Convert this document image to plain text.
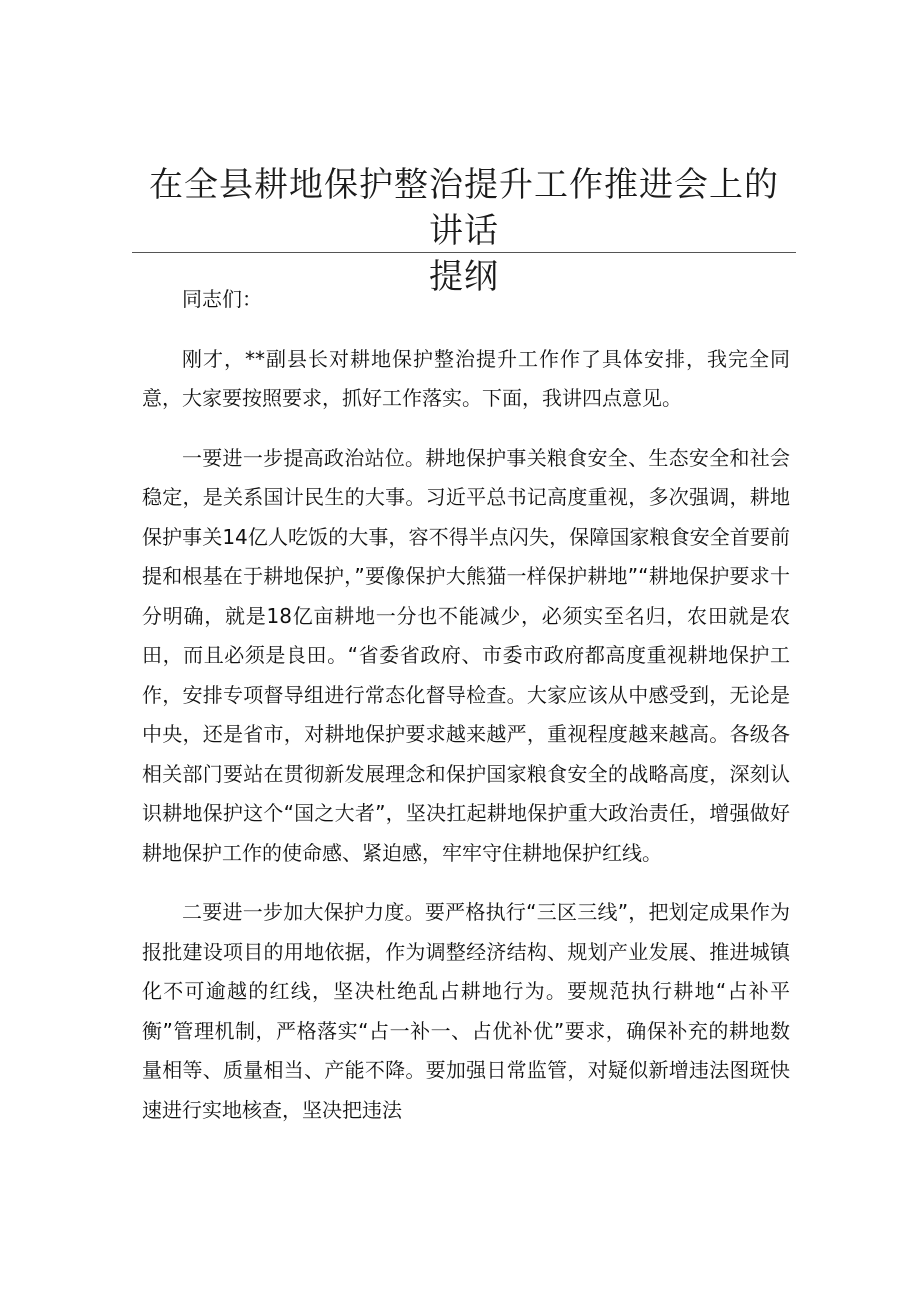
在全县耕地保护整治提升工作推进会上的讲话
提纲

同志们：

刚才，**副县长对耕地保护整治提升工作作了具体安排，我完全同意，大家要按照要求，抓好工作落实。下面，我讲四点意见。

一要进一步提高政治站位。耕地保护事关粮食安全、生态安全和社会稳定，是关系国计民生的大事。习近平总书记高度重视，多次强调，耕地保护事关14亿人吃饭的大事，容不得半点闪失，保障国家粮食安全首要前提和根基在于耕地保护，”要像保护大熊猫一样保护耕地”“耕地保护要求十分明确，就是18亿亩耕地一分也不能减少，必须实至名归，农田就是农田，而且必须是良田。“省委省政府、市委市政府都高度重视耕地保护工作，安排专项督导组进行常态化督导检查。大家应该从中感受到，无论是中央，还是省市，对耕地保护要求越来越严，重视程度越来越高。各级各相关部门要站在贯彻新发展理念和保护国家粮食安全的战略高度，深刻认识耕地保护这个“国之大者”，坚决扛起耕地保护重大政治责任，增强做好耕地保护工作的使命感、紧迫感，牢牢守住耕地保护红线。

二要进一步加大保护力度。要严格执行“三区三线”，把划定成果作为报批建设项目的用地依据，作为调整经济结构、规划产业发展、推进城镇化不可逾越的红线，坚决杜绝乱占耕地行为。要规范执行耕地“占补平衡”管理机制，严格落实“占一补一、占优补优”要求，确保补充的耕地数量相等、质量相当、产能不降。要加强日常监管，对疑似新增违法图斑快速进行实地核查，坚决把违法
